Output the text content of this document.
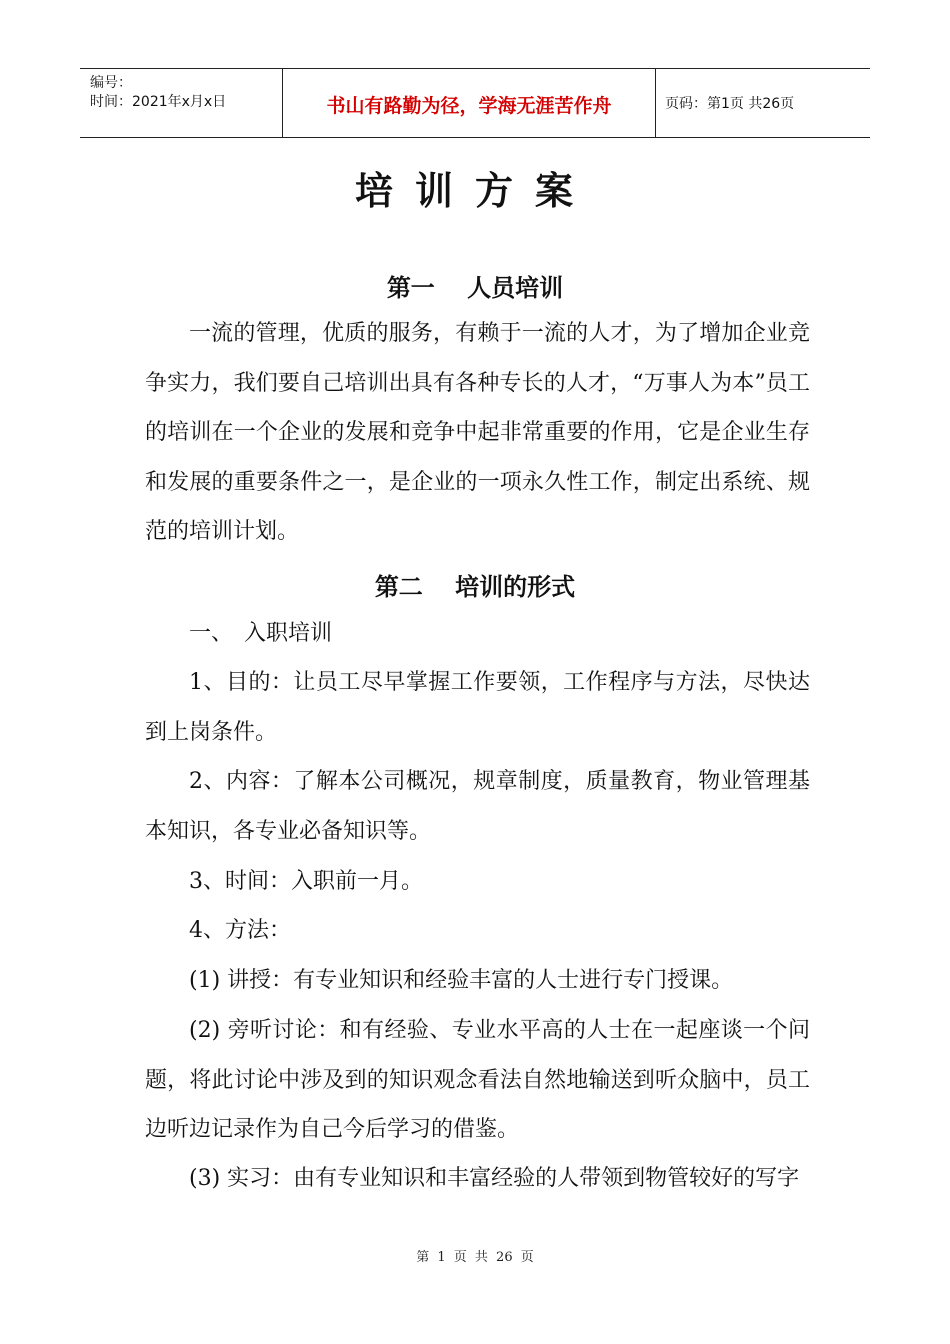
编号：
时间：2021年x月x日	书山有路勤为径，学海无涯苦作舟	页码：第1页 共26页
培训方案
第一　 人员培训

一流的管理，优质的服务，有赖于一流的人才，为了增加企业竞争实力，我们要自己培训出具有各种专长的人才，“万事人为本”员工的培训在一个企业的发展和竞争中起非常重要的作用，它是企业生存和发展的重要条件之一，是企业的一项永久性工作，制定出系统、规范的培训计划。

第二　 培训的形式

一、　入职培训

1、目的：让员工尽早掌握工作要领，工作程序与方法，尽快达到上岗条件。

2、内容：了解本公司概况，规章制度，质量教育，物业管理基本知识，各专业必备知识等。

3、时间：入职前一月。

4、方法：

(1) 讲授：有专业知识和经验丰富的人士进行专门授课。

(2) 旁听讨论：和有经验、专业水平高的人士在一起座谈一个问题，将此讨论中涉及到的知识观念看法自然地输送到听众脑中，员工边听边记录作为自己今后学习的借鉴。

(3) 实习：由有专业知识和丰富经验的人带领到物管较好的写字

第 1 页 共 26 页
